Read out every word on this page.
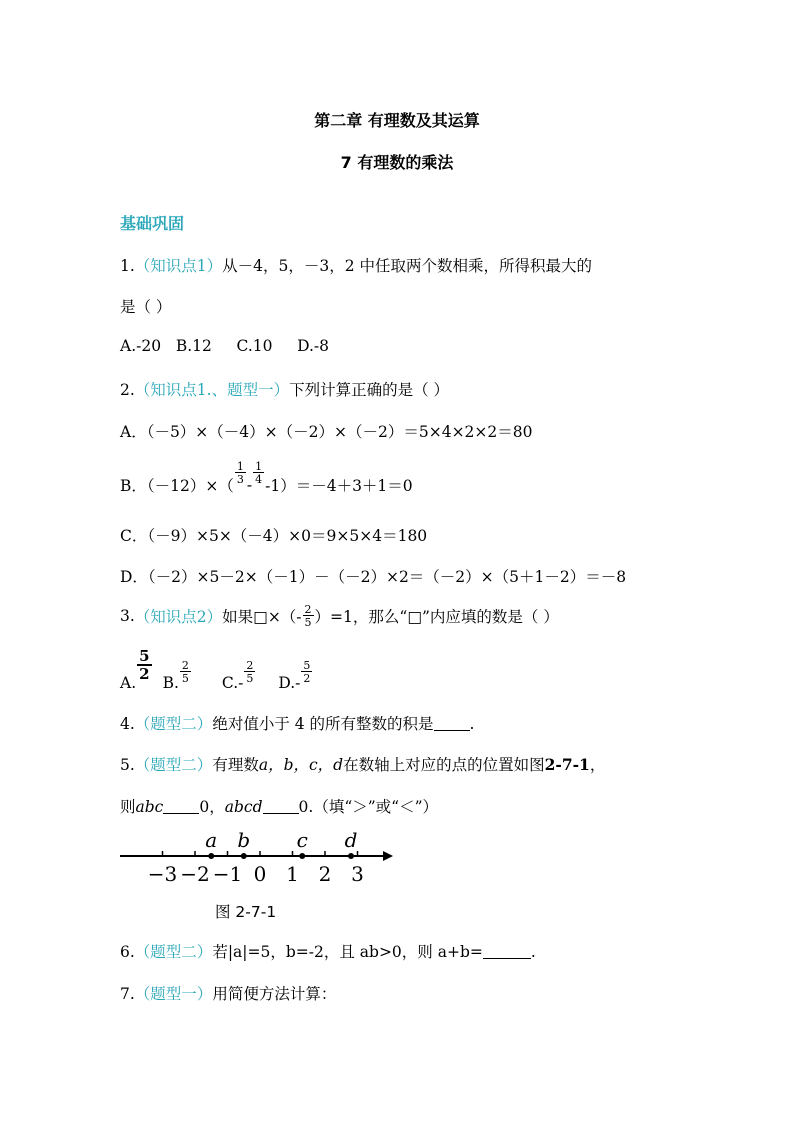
第二章 有理数及其运算
7 有理数的乘法
基础巩固
1.（知识点1）从－4，5，－3，2 中任取两个数相乘，所得积最大的
是（ ）
A.-20   B.12     C.10     D.-8
2.（知识点1.、题型一）下列计算正确的是（ ）
A．（－5）×（－4）×（－2）×（－2）＝5×4×2×2＝80
B．（－12）×（
$\frac{1}{3} - \frac{1}{4}$
-1）＝－4＋3＋1＝0
C．（－9）×5×（－4）×0＝9×5×4＝180
D．（－2）×5－2×（－1）－（－2）×2＝（－2）×（5＋1－2）＝－8
3. （知识点2） 如果□×（- $\frac{2}{5} )=1$，那么“□”内应填的数是（ ）
A.
$\frac{5}{2}$
B. $\frac{2}{5} C.- \frac{2}{5} D.- \frac{5}{2}$
4.（题型二）绝对值小于 4 的所有整数的积是 .
5.（题型二）有理数a，b，c，d在数轴上对应的点的位置如图2-7-1，
则abc 0，abcd 0.（填“＞”或“＜”）
−3 −2 −1 0 1 2 3
a b c d
图 2-7-1
6.（题型二）若|a|=5，b=-2，且 ab>0，则 a+b=	.
7.（题型一）用简便方法计算：
